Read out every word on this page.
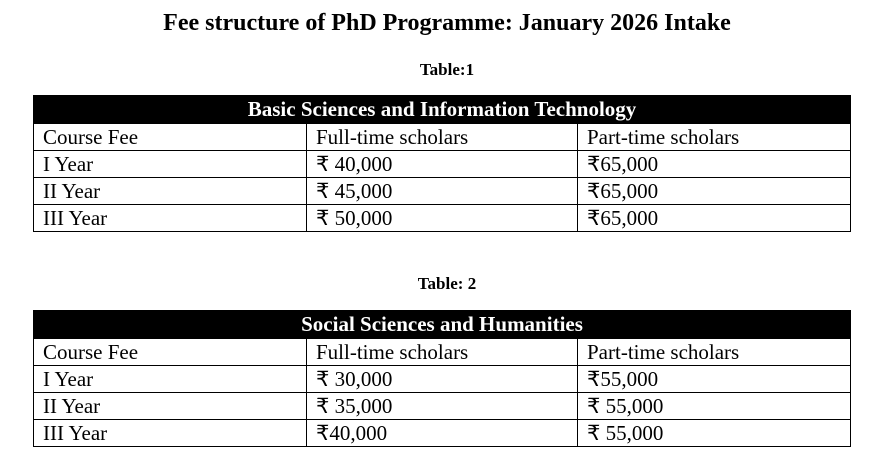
Fee structure of PhD Programme: January 2026 Intake
Table:1
Basic Sciences and Information Technology		
Course Fee	Full-time scholars	Part-time scholars
I Year	₹ 40,000	₹65,000
II Year	₹ 45,000	₹65,000
III Year	₹ 50,000	₹65,000
Table: 2
Social Sciences and Humanities		
Course Fee	Full-time scholars	Part-time scholars
I Year	₹ 30,000	₹55,000
II Year	₹ 35,000	₹ 55,000
III Year	₹40,000	₹ 55,000
